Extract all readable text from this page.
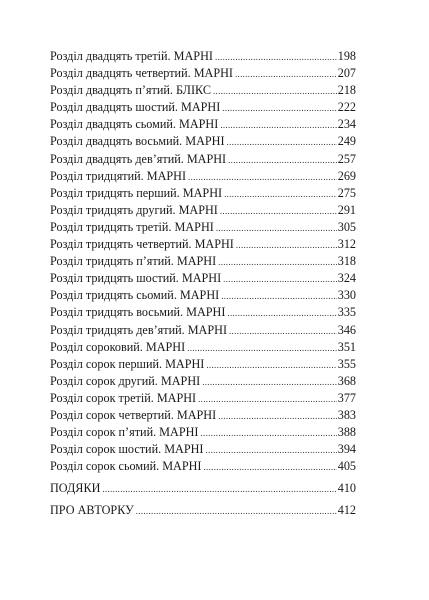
Розділ двадцять третій. МАРНІ .....	198
Розділ двадцять четвертий. МАРНІ .....	207
Розділ двадцять п’ятий. БЛІКС .....	218
Розділ двадцять шостий. МАРНІ .....	222
Розділ двадцять сьомий. МАРНІ .....	234
Розділ двадцять восьмий. МАРНІ .....	249
Розділ двадцять дев’ятий. МАРНІ .....	257
Розділ тридцятий. МАРНІ .....	269
Розділ тридцять перший. МАРНІ .....	275
Розділ тридцять другий. МАРНІ .....	291
Розділ тридцять третій. МАРНІ .....	305
Розділ тридцять четвертий. МАРНІ .....	312
Розділ тридцять п’ятий. МАРНІ .....	318
Розділ тридцять шостий. МАРНІ .....	324
Розділ тридцять сьомий. МАРНІ .....	330
Розділ тридцять восьмий. МАРНІ .....	335
Розділ тридцять дев’ятий. МАРНІ .....	346
Розділ сороковий. МАРНІ .....	351
Розділ сорок перший. МАРНІ .....	355
Розділ сорок другий. МАРНІ .....	368
Розділ сорок третій. МАРНІ .....	377
Розділ сорок четвертий. МАРНІ .....	383
Розділ сорок п’ятий. МАРНІ .....	388
Розділ сорок шостий. МАРНІ .....	394
Розділ сорок сьомий. МАРНІ .....	405
ПОДЯКИ .....	410
ПРО АВТОРКУ .....	412
